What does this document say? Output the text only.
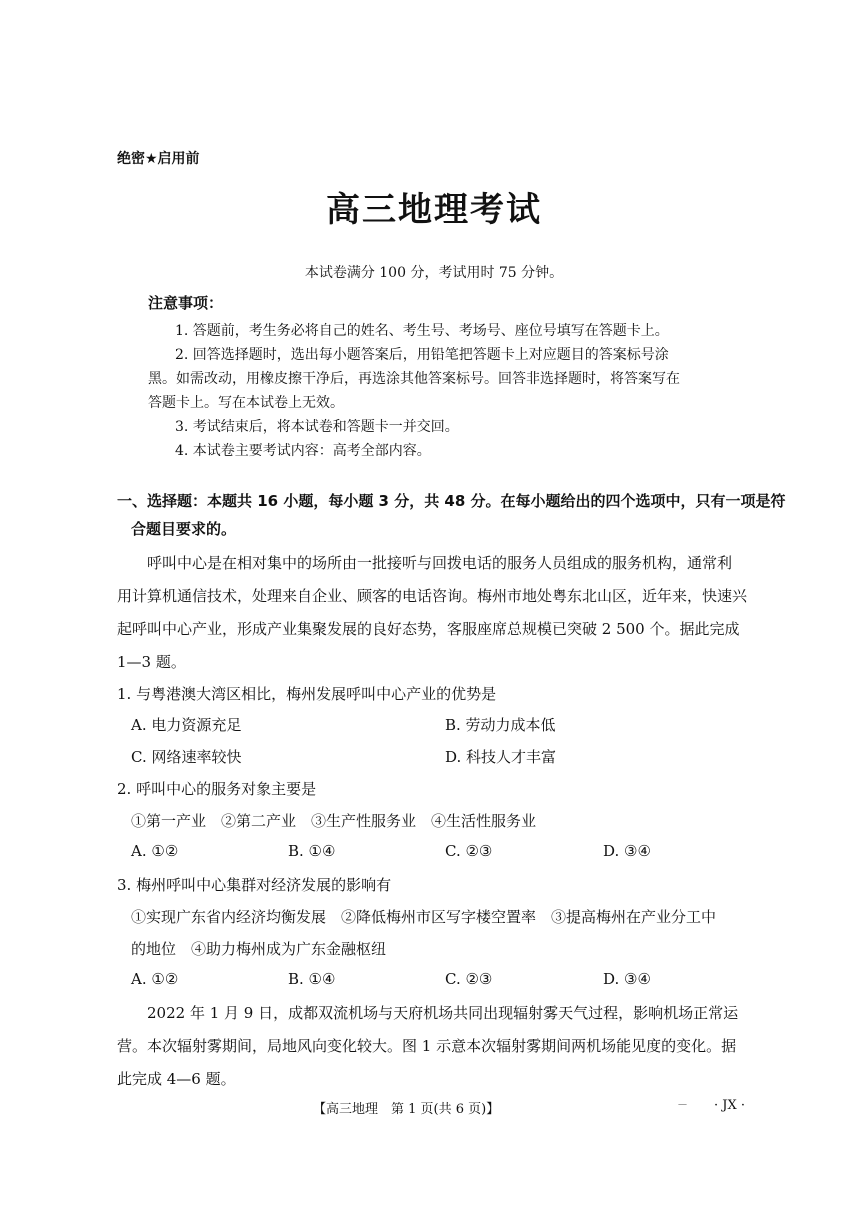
绝密★启用前
高三地理考试
本试卷满分 100 分，考试用时 75 分钟。
注意事项：
1. 答题前，考生务必将自己的姓名、考生号、考场号、座位号填写在答题卡上。
2. 回答选择题时，选出每小题答案后，用铅笔把答题卡上对应题目的答案标号涂
黑。如需改动，用橡皮擦干净后，再选涂其他答案标号。回答非选择题时，将答案写在
答题卡上。写在本试卷上无效。
3. 考试结束后，将本试卷和答题卡一并交回。
4. 本试卷主要考试内容：高考全部内容。
一、选择题：本题共 16 小题，每小题 3 分，共 48 分。在每小题给出的四个选项中，只有一项是符
合题目要求的。
呼叫中心是在相对集中的场所由一批接听与回拨电话的服务人员组成的服务机构，通常利
用计算机通信技术，处理来自企业、顾客的电话咨询。梅州市地处粤东北山区，近年来，快速兴
起呼叫中心产业，形成产业集聚发展的良好态势，客服座席总规模已突破 2 500 个。据此完成
1—3 题。
1. 与粤港澳大湾区相比，梅州发展呼叫中心产业的优势是
A. 电力资源充足	B. 劳动力成本低
C. 网络速率较快	D. 科技人才丰富
2. 呼叫中心的服务对象主要是
①第一产业　②第二产业　③生产性服务业　④生活性服务业
A. ①②	B. ①④	C. ②③	D. ③④
3. 梅州呼叫中心集群对经济发展的影响有
①实现广东省内经济均衡发展　②降低梅州市区写字楼空置率　③提高梅州在产业分工中
的地位　④助力梅州成为广东金融枢纽
A. ①②	B. ①④	C. ②③	D. ③④
2022 年 1 月 9 日，成都双流机场与天府机场共同出现辐射雾天气过程，影响机场正常运
营。本次辐射雾期间，局地风向变化较大。图 1 示意本次辐射雾期间两机场能见度的变化。据
此完成 4—6 题。
【高三地理　第 1 页(共 6 页)】	— · JX ·
